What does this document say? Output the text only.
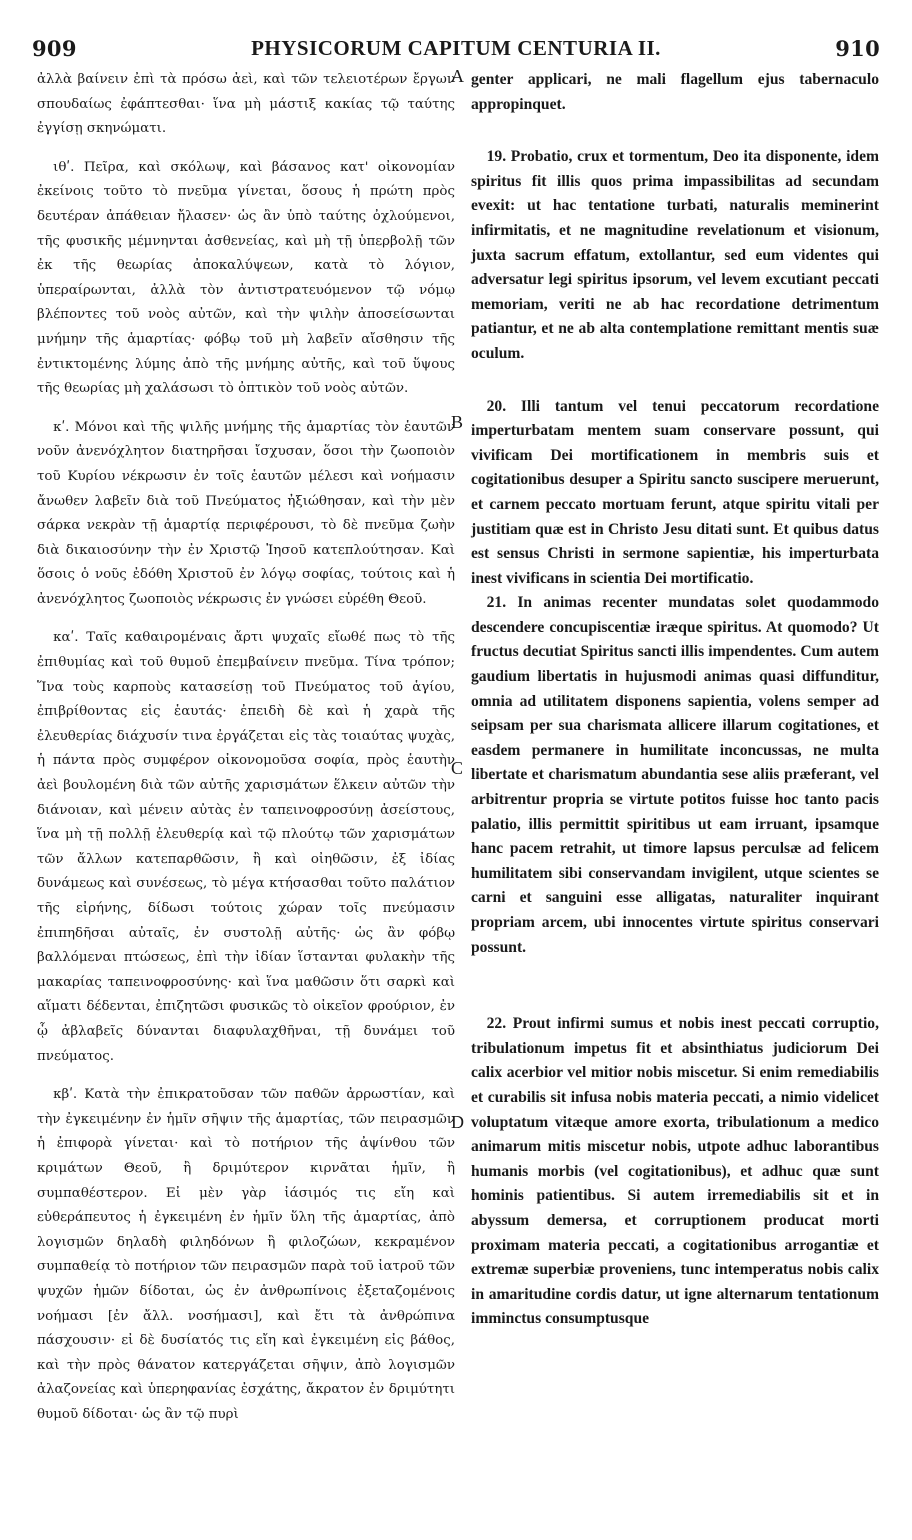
909	PHYSICORUM CAPITUM CENTURIA II.	910

ἀλλὰ βαίνειν ἐπὶ τὰ πρόσω ἀεὶ, καὶ τῶν τελειοτέρων ἔργων σπουδαίως ἐφάπτεσθαι· ἵνα μὴ μάστιξ κακίας τῷ ταύτης ἐγγίσῃ σκηνώματι.

ιθʹ. Πεῖρα, καὶ σκόλωψ, καὶ βάσανος κατ' οἰκονομίαν ἐκείνοις τοῦτο τὸ πνεῦμα γίνεται, ὅσους ἡ πρώτη πρὸς δευτέραν ἀπάθειαν ἤλασεν· ὡς ἂν ὑπὸ ταύτης ὀχλούμενοι, τῆς φυσικῆς μέμνηνται ἀσθενείας, καὶ μὴ τῇ ὑπερβολῇ τῶν ἐκ τῆς θεωρίας ἀποκαλύψεων, κατὰ τὸ λόγιον, ὑπεραίρωνται, ἀλλὰ τὸν ἀντιστρατευόμενον τῷ νόμῳ βλέποντες τοῦ νοὸς αὐτῶν, καὶ τὴν ψιλὴν ἀποσείσωνται μνήμην τῆς ἁμαρτίας· φόβῳ τοῦ μὴ λαβεῖν αἴσθησιν τῆς ἐντικτομένης λύμης ἀπὸ τῆς μνήμης αὐτῆς, καὶ τοῦ ὕψους τῆς θεωρίας μὴ χαλάσωσι τὸ ὀπτικὸν τοῦ νοὸς αὐτῶν.

κʹ. Μόνοι καὶ τῆς ψιλῆς μνήμης τῆς ἁμαρτίας τὸν ἑαυτῶν νοῦν ἀνενόχλητον διατηρῆσαι ἴσχυσαν, ὅσοι τὴν ζωοποιὸν τοῦ Κυρίου νέκρωσιν ἐν τοῖς ἑαυτῶν μέλεσι καὶ νοήμασιν ἄνωθεν λαβεῖν διὰ τοῦ Πνεύματος ἠξιώθησαν, καὶ τὴν μὲν σάρκα νεκρὰν τῇ ἁμαρτίᾳ περιφέρουσι, τὸ δὲ πνεῦμα ζωὴν διὰ δικαιοσύνην τὴν ἐν Χριστῷ Ἰησοῦ κατεπλούτησαν. Καὶ ὅσοις ὁ νοῦς ἐδόθη Χριστοῦ ἐν λόγῳ σοφίας, τούτοις καὶ ἡ ἀνενόχλητος ζωοποιὸς νέκρωσις ἐν γνώσει εὑρέθη Θεοῦ.

καʹ. Ταῖς καθαιρομέναις ἄρτι ψυχαῖς εἴωθέ πως τὸ τῆς ἐπιθυμίας καὶ τοῦ θυμοῦ ἐπεμβαίνειν πνεῦμα. Τίνα τρόπον; Ἵνα τοὺς καρποὺς κατασείσῃ τοῦ Πνεύματος τοῦ ἁγίου, ἐπιβρίθοντας εἰς ἑαυτάς· ἐπειδὴ δὲ καὶ ἡ χαρὰ τῆς ἐλευθερίας διάχυσίν τινα ἐργάζεται εἰς τὰς τοιαύτας ψυχὰς, ἡ πάντα πρὸς συμφέρον οἰκονομοῦσα σοφία, πρὸς ἑαυτὴν ἀεὶ βουλομένη διὰ τῶν αὐτῆς χαρισμάτων ἕλκειν αὐτῶν τὴν διάνοιαν, καὶ μένειν αὐτὰς ἐν ταπεινοφροσύνῃ ἀσείστους, ἵνα μὴ τῇ πολλῇ ἐλευθερίᾳ καὶ τῷ πλούτῳ τῶν χαρισμάτων τῶν ἄλλων κατεπαρθῶσιν, ἢ καὶ οἰηθῶσιν, ἐξ ἰδίας δυνάμεως καὶ συνέσεως, τὸ μέγα κτήσασθαι τοῦτο παλάτιον τῆς εἰρήνης, δίδωσι τούτοις χώραν τοῖς πνεύμασιν ἐπιπηδῆσαι αὐταῖς, ἐν συστολῇ αὐτῆς· ὡς ἂν φόβῳ βαλλόμεναι πτώσεως, ἐπὶ τὴν ἰδίαν ἵστανται φυλακὴν τῆς μακαρίας ταπεινοφροσύνης· καὶ ἵνα μαθῶσιν ὅτι σαρκὶ καὶ αἵματι δέδενται, ἐπιζητῶσι φυσικῶς τὸ οἰκεῖον φρούριον, ἐν ᾧ ἀβλαβεῖς δύνανται διαφυλαχθῆναι, τῇ δυνάμει τοῦ πνεύματος.

κβʹ. Κατὰ τὴν ἐπικρατοῦσαν τῶν παθῶν ἀρρωστίαν, καὶ τὴν ἐγκειμένην ἐν ἡμῖν σῆψιν τῆς ἁμαρτίας, τῶν πειρασμῶν ἡ ἐπιφορὰ γίνεται· καὶ τὸ ποτήριον τῆς ἀψίνθου τῶν κριμάτων Θεοῦ, ἢ δριμύτερον κιρνᾶται ἡμῖν, ἢ συμπαθέστερον. Εἰ μὲν γὰρ ἰάσιμός τις εἴη καὶ εὐθεράπευτος ἡ ἐγκειμένη ἐν ἡμῖν ὕλη τῆς ἁμαρτίας, ἀπὸ λογισμῶν δηλαδὴ φιληδόνων ἢ φιλοζώων, κεκραμένον συμπαθείᾳ τὸ ποτήριον τῶν πειρασμῶν παρὰ τοῦ ἰατροῦ τῶν ψυχῶν ἡμῶν δίδοται, ὡς ἐν ἀνθρωπίνοις ἐξεταζομένοις νοήμασι [ἐν ἄλλ. νοσήμασι], καὶ ἔτι τὰ ἀνθρώπινα πάσχουσιν· εἰ δὲ δυσίατός τις εἴη καὶ ἐγκειμένη εἰς βάθος, καὶ τὴν πρὸς θάνατον κατεργάζεται σῆψιν, ἀπὸ λογισμῶν ἀλαζονείας καὶ ὑπερηφανίας ἐσχάτης, ἄκρατον ἐν δριμύτητι θυμοῦ δίδοται· ὡς ἂν τῷ πυρὶ

genter applicari, ne mali flagellum ejus tabernaculo appropinquet.

19. Probatio, crux et tormentum, Deo ita disponente, idem spiritus fit illis quos prima impassibilitas ad secundam evexit: ut hac tentatione turbati, naturalis meminerint infirmitatis, et ne magnitudine revelationum et visionum, juxta sacrum effatum, extollantur, sed eum videntes qui adversatur legi spiritus ipsorum, vel levem excutiant peccati memoriam, veriti ne ab hac recordatione detrimentum patiantur, et ne ab alta contemplatione remittant mentis suæ oculum.

20. Illi tantum vel tenui peccatorum recordatione imperturbatam mentem suam conservare possunt, qui vivificam Dei mortificationem in membris suis et cogitationibus desuper a Spiritu sancto suscipere meruerunt, et carnem peccato mortuam ferunt, atque spiritu vitali per justitiam quæ est in Christo Jesu ditati sunt. Et quibus datus est sensus Christi in sermone sapientiæ, his imperturbata inest vivificans in scientia Dei mortificatio.

21. In animas recenter mundatas solet quodammodo descendere concupiscentiæ iræque spiritus. At quomodo? Ut fructus decutiat Spiritus sancti illis impendentes. Cum autem gaudium libertatis in hujusmodi animas quasi diffunditur, omnia ad utilitatem disponens sapientia, volens semper ad seipsam per sua charismata allicere illarum cogitationes, et easdem permanere in humilitate inconcussas, ne multa libertate et charismatum abundantia sese aliis præferant, vel arbitrentur propria se virtute potitos fuisse hoc tanto pacis palatio, illis permittit spiritibus ut eam irruant, ipsamque hanc pacem retrahit, ut timore lapsus perculsæ ad felicem humilitatem sibi conservandam invigilent, utque scientes se carni et sanguini esse alligatas, naturaliter inquirant propriam arcem, ubi innocentes virtute spiritus conservari possunt.

22. Prout infirmi sumus et nobis inest peccati corruptio, tribulationum impetus fit et absinthiatus judiciorum Dei calix acerbior vel mitior nobis miscetur. Si enim remediabilis et curabilis sit infusa nobis materia peccati, a nimio videlicet voluptatum vitæque amore exorta, tribulationum a medico animarum mitis miscetur nobis, utpote adhuc laborantibus humanis morbis (vel cogitationibus), et adhuc quæ sunt hominis patientibus. Si autem irremediabilis sit et in abyssum demersa, et corruptionem producat morti proximam materia peccati, a cogitationibus arrogantiæ et extremæ superbiæ proveniens, tunc intemperatus nobis calix in amaritudine cordis datur, ut igne alternarum tentationum imminctus consumptusque

A
B
C
D
